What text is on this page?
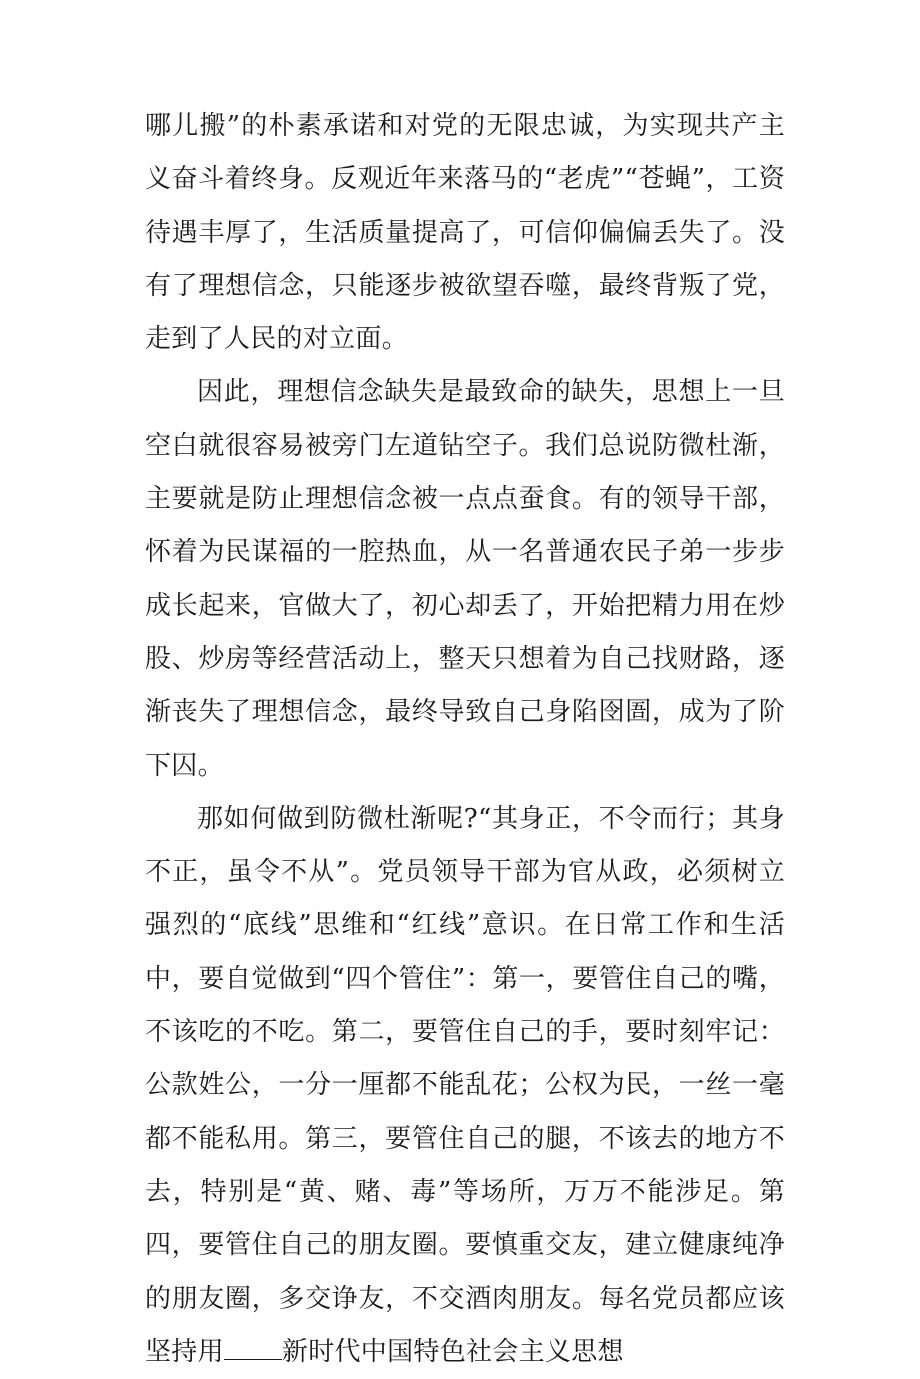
哪儿搬”的朴素承诺和对党的无限忠诚，为实现共产主义奋斗着终身。反观近年来落马的“老虎”“苍蝇”，工资待遇丰厚了，生活质量提高了，可信仰偏偏丢失了。没有了理想信念，只能逐步被欲望吞噬，最终背叛了党，走到了人民的对立面。

因此，理想信念缺失是最致命的缺失，思想上一旦空白就很容易被旁门左道钻空子。我们总说防微杜渐，主要就是防止理想信念被一点点蚕食。有的领导干部，怀着为民谋福的一腔热血，从一名普通农民子弟一步步成长起来，官做大了，初心却丢了，开始把精力用在炒股、炒房等经营活动上，整天只想着为自己找财路，逐渐丧失了理想信念，最终导致自己身陷囹圄，成为了阶下囚。

那如何做到防微杜渐呢?“其身正，不令而行；其身不正，虽令不从”。党员领导干部为官从政，必须树立强烈的“底线”思维和“红线”意识。在日常工作和生活中，要自觉做到“四个管住”：第一，要管住自己的嘴，不该吃的不吃。第二，要管住自己的手，要时刻牢记：公款姓公，一分一厘都不能乱花；公权为民，一丝一毫都不能私用。第三，要管住自己的腿，不该去的地方不去，特别是“黄、赌、毒”等场所，万万不能涉足。第四，要管住自己的朋友圈。要慎重交友，建立健康纯净的朋友圈，多交诤友，不交酒肉朋友。每名党员都应该坚持用 新时代中国特色社会主义思想
